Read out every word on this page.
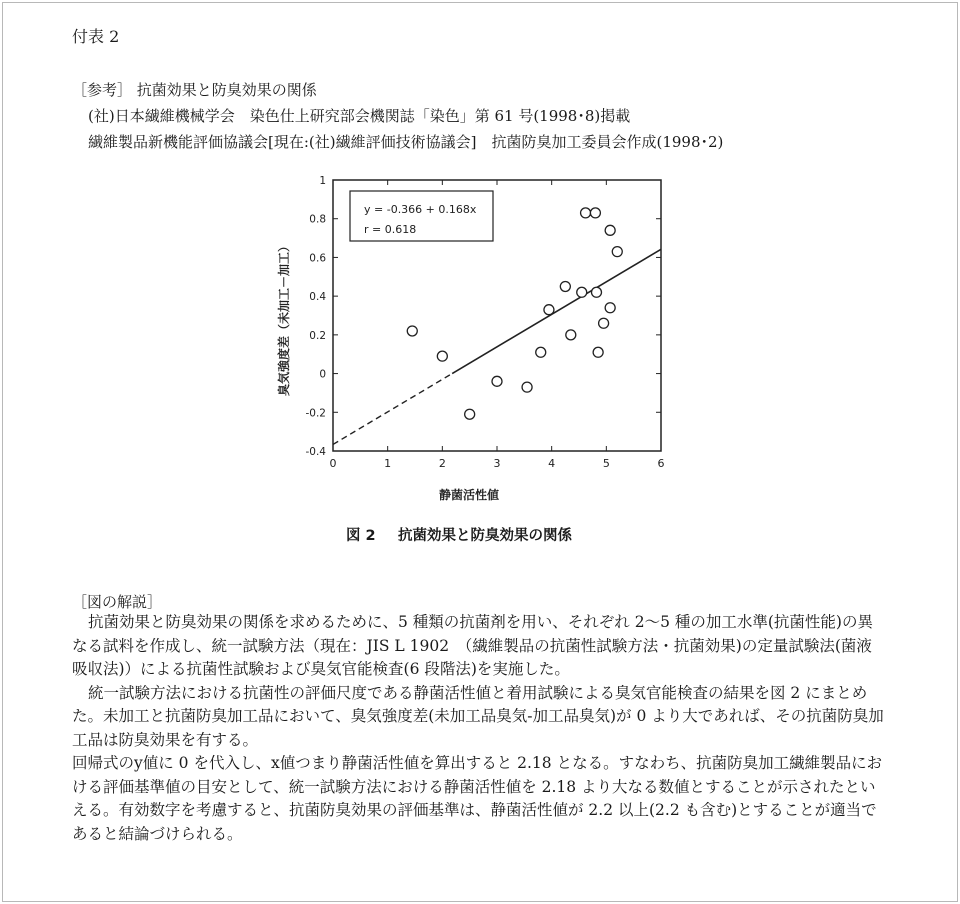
付表 2
［参考］ 抗菌効果と防臭効果の関係
(社)日本繊維機械学会　染色仕上研究部会機関誌「染色」第 61 号(1998･8)掲載
繊維製品新機能評価協議会[現在:(社)繊維評価技術協議会]　抗菌防臭加工委員会作成(1998･2)
0	1	2	3	4	5	6
1
0.8
0.6
0.4
0.2
0
-0.2
-0.4
y = -0.366 + 0.168x
r = 0.618
静菌活性値
臭気強度差（未加工－加工）
図 2 抗菌効果と防臭効果の関係
［図の解説］

抗菌効果と防臭効果の関係を求めるために、5 種類の抗菌剤を用い、それぞれ 2～5 種の加工水準(抗菌性能)の異なる試料を作成し、統一試験方法（現在：JIS L 1902　（繊維製品の抗菌性試験方法・抗菌効果)の定量試験法(菌液吸収法)）による抗菌性試験および臭気官能検査(6 段階法)を実施した。

統一試験方法における抗菌性の評価尺度である静菌活性値と着用試験による臭気官能検査の結果を図 2 にまとめた。未加工と抗菌防臭加工品において、臭気強度差(未加工品臭気-加工品臭気)が 0 より大であれば、その抗菌防臭加工品は防臭効果を有する。

回帰式のy値に 0 を代入し、x値つまり静菌活性値を算出すると 2.18 となる。すなわち、抗菌防臭加工繊維製品における評価基準値の目安として、統一試験方法における静菌活性値を 2.18 より大なる数値とすることが示されたといえる。有効数字を考慮すると、抗菌防臭効果の評価基準は、静菌活性値が 2.2 以上(2.2 も含む)とすることが適当であると結論づけられる。
